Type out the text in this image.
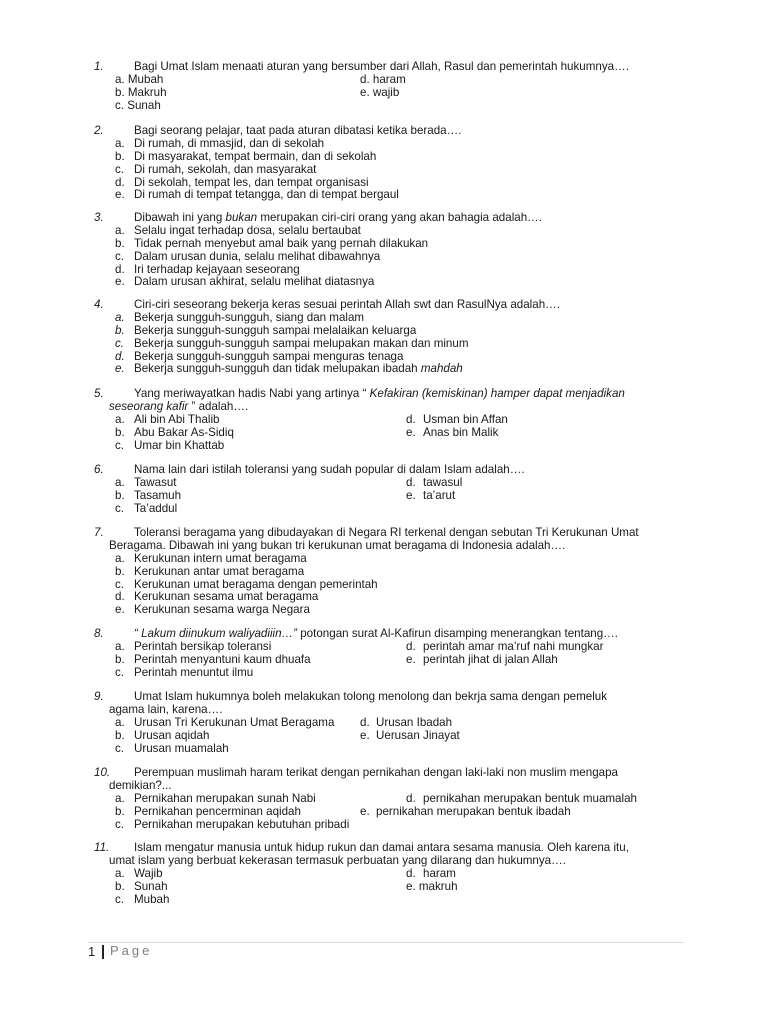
1.	Bagi Umat Islam menaati aturan yang bersumber dari Allah, Rasul dan pemerintah hukumnya….
a. Mubah	d. haram
b. Makruh	e. wajib
c. Sunah
2.	Bagi seorang pelajar, taat pada aturan dibatasi ketika berada….
a. Di rumah, di mmasjid, dan di sekolah
b. Di masyarakat, tempat bermain, dan di sekolah
c. Di rumah, sekolah, dan masyarakat
d. Di sekolah, tempat les, dan tempat organisasi
e. Di rumah di tempat tetangga, dan di tempat bergaul
3.	Dibawah ini yang bukan merupakan ciri-ciri orang yang akan bahagia adalah….
a. Selalu ingat terhadap dosa, selalu bertaubat
b. Tidak pernah menyebut amal baik yang pernah dilakukan
c. Dalam urusan dunia, selalu melihat dibawahnya
d. Iri terhadap kejayaan seseorang
e. Dalam urusan akhirat, selalu melihat diatasnya
4.	Ciri-ciri seseorang bekerja keras sesuai perintah Allah swt dan RasulNya adalah….
a. Bekerja sungguh-sungguh, siang dan malam
b. Bekerja sungguh-sungguh sampai melalaikan keluarga
c. Bekerja sungguh-sungguh sampai melupakan makan dan minum
d. Bekerja sungguh-sungguh sampai menguras tenaga
e. Bekerja sungguh-sungguh dan tidak melupakan ibadah mahdah
5.	Yang meriwayatkan hadis Nabi yang artinya “ Kefakiran (kemiskinan) hamper dapat menjadikan
seseorang kafir ” adalah….
a. Ali bin Abi Thalib	d. Usman bin Affan
b. Abu Bakar As-Sidiq	e. Anas bin Malik
c. Umar bin Khattab
6.	Nama lain dari istilah toleransi yang sudah popular di dalam Islam adalah….
a. Tawasut	d. tawasul
b. Tasamuh	e. ta’arut
c. Ta’addul
7.	Toleransi beragama yang dibudayakan di Negara RI terkenal dengan sebutan Tri Kerukunan Umat
Beragama. Dibawah ini yang bukan tri kerukunan umat beragama di Indonesia adalah….
a. Kerukunan intern umat beragama
b. Kerukunan antar umat beragama
c. Kerukunan umat beragama dengan pemerintah
d. Kerukunan sesama umat beragama
e. Kerukunan sesama warga Negara
8.	“ Lakum diinukum waliyadiiin…” potongan surat Al-Kafirun disamping menerangkan tentang….
a. Perintah bersikap toleransi	d. perintah amar ma’ruf nahi mungkar
b. Perintah menyantuni kaum dhuafa	e. perintah jihat di jalan Allah
c. Perintah menuntut ilmu
9.	Umat Islam hukumnya boleh melakukan tolong menolong dan bekrja sama dengan pemeluk
agama lain, karena….
a. Urusan Tri Kerukunan Umat Beragama d. Urusan Ibadah
b. Urusan aqidah	e. Uerusan Jinayat
c. Urusan muamalah
10. Perempuan muslimah haram terikat dengan pernikahan dengan laki-laki non muslim mengapa
demikian?...
a. Pernikahan merupakan sunah Nabi	d. pernikahan merupakan bentuk muamalah
b. Pernikahan pencerminan aqidah	e. pernikahan merupakan bentuk ibadah
c. Pernikahan merupakan kebutuhan pribadi
11. Islam mengatur manusia untuk hidup rukun dan damai antara sesama manusia. Oleh karena itu,
umat islam yang berbuat kekerasan termasuk perbuatan yang dilarang dan hukumnya….
a. Wajib	d. haram
b. Sunah	e. makruh
c. Mubah
1 Page
